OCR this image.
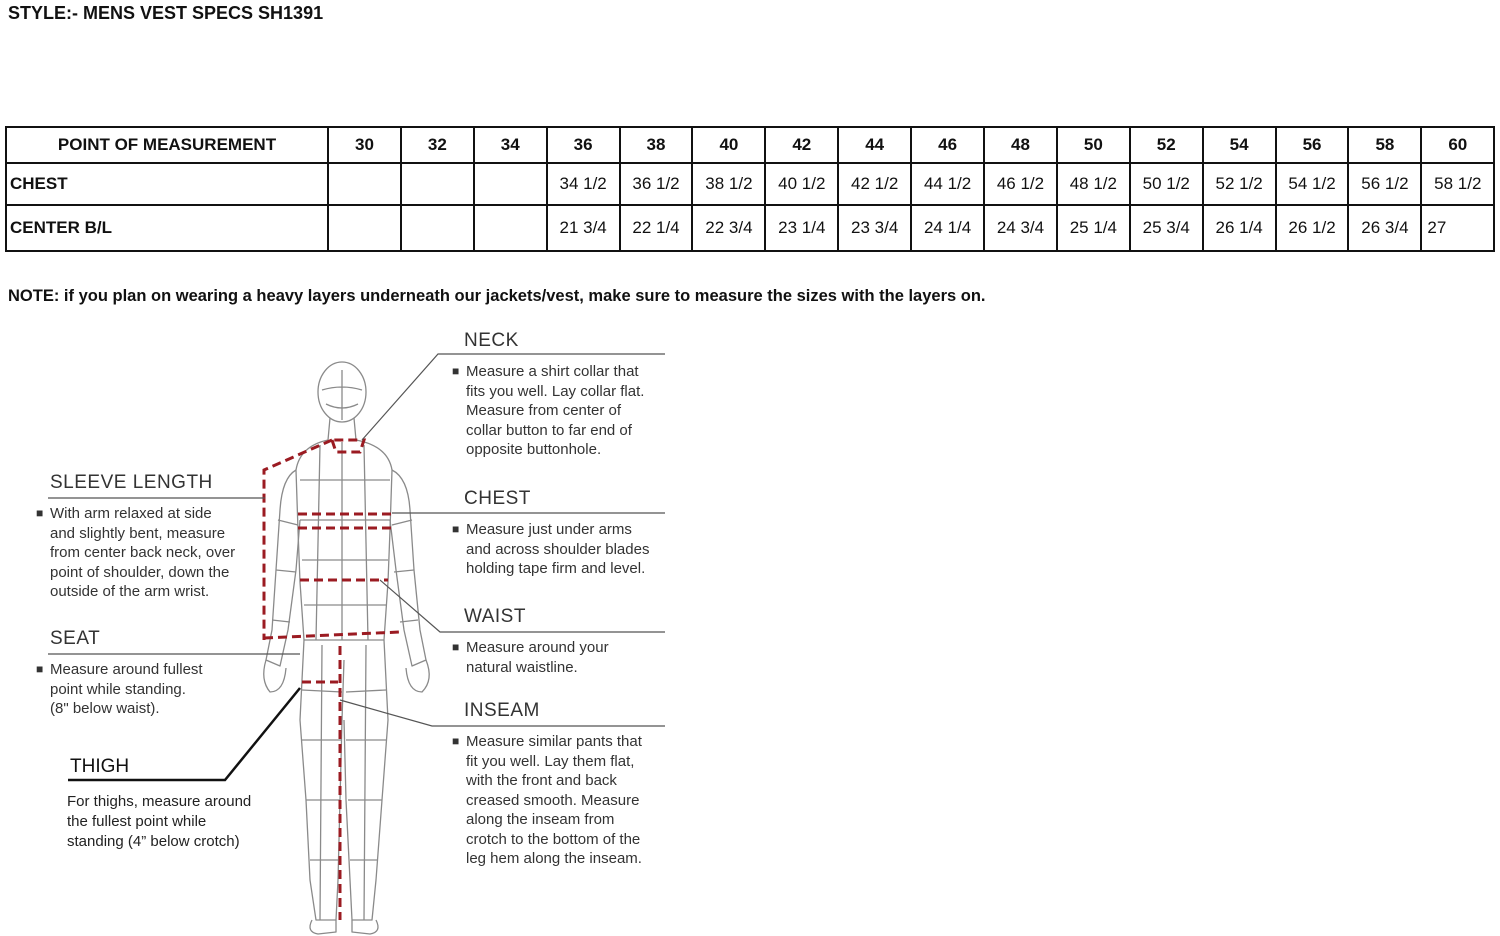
STYLE:- MENS VEST SPECS SH1391
POINT OF MEASUREMENT	30	32	34	36	38	40	42	44	46	48	50	52	54	56	58	60
CHEST				34 1/2	36 1/2	38 1/2	40 1/2	42 1/2	44 1/2	46 1/2	48 1/2	50 1/2	52 1/2	54 1/2	56 1/2	58 1/2
CENTER B/L				21 3/4	22 1/4	22 3/4	23 1/4	23 3/4	24 1/4	24 3/4	25 1/4	25 3/4	26 1/4	26 1/2	26 3/4	27
NOTE: if you plan on wearing a heavy layers underneath our jackets/vest, make sure to measure the sizes with the layers on.
NECK
■ Measure a shirt collar that
fits you well. Lay collar flat.
Measure from center of
collar button to far end of
opposite buttonhole.
CHEST
■ Measure just under arms
and across shoulder blades
holding tape firm and level.
WAIST
■ Measure around your
natural waistline.
INSEAM
■ Measure similar pants that
fit you well. Lay them flat,
with the front and back
creased smooth. Measure
along the inseam from
crotch to the bottom of the
leg hem along the inseam.
SLEEVE LENGTH
■ With arm relaxed at side
and slightly bent, measure
from center back neck, over
point of shoulder, down the
outside of the arm wrist.
SEAT
■ Measure around fullest
point while standing.
(8" below waist).
THIGH
For thighs, measure around
the fullest point while
standing (4” below crotch)
